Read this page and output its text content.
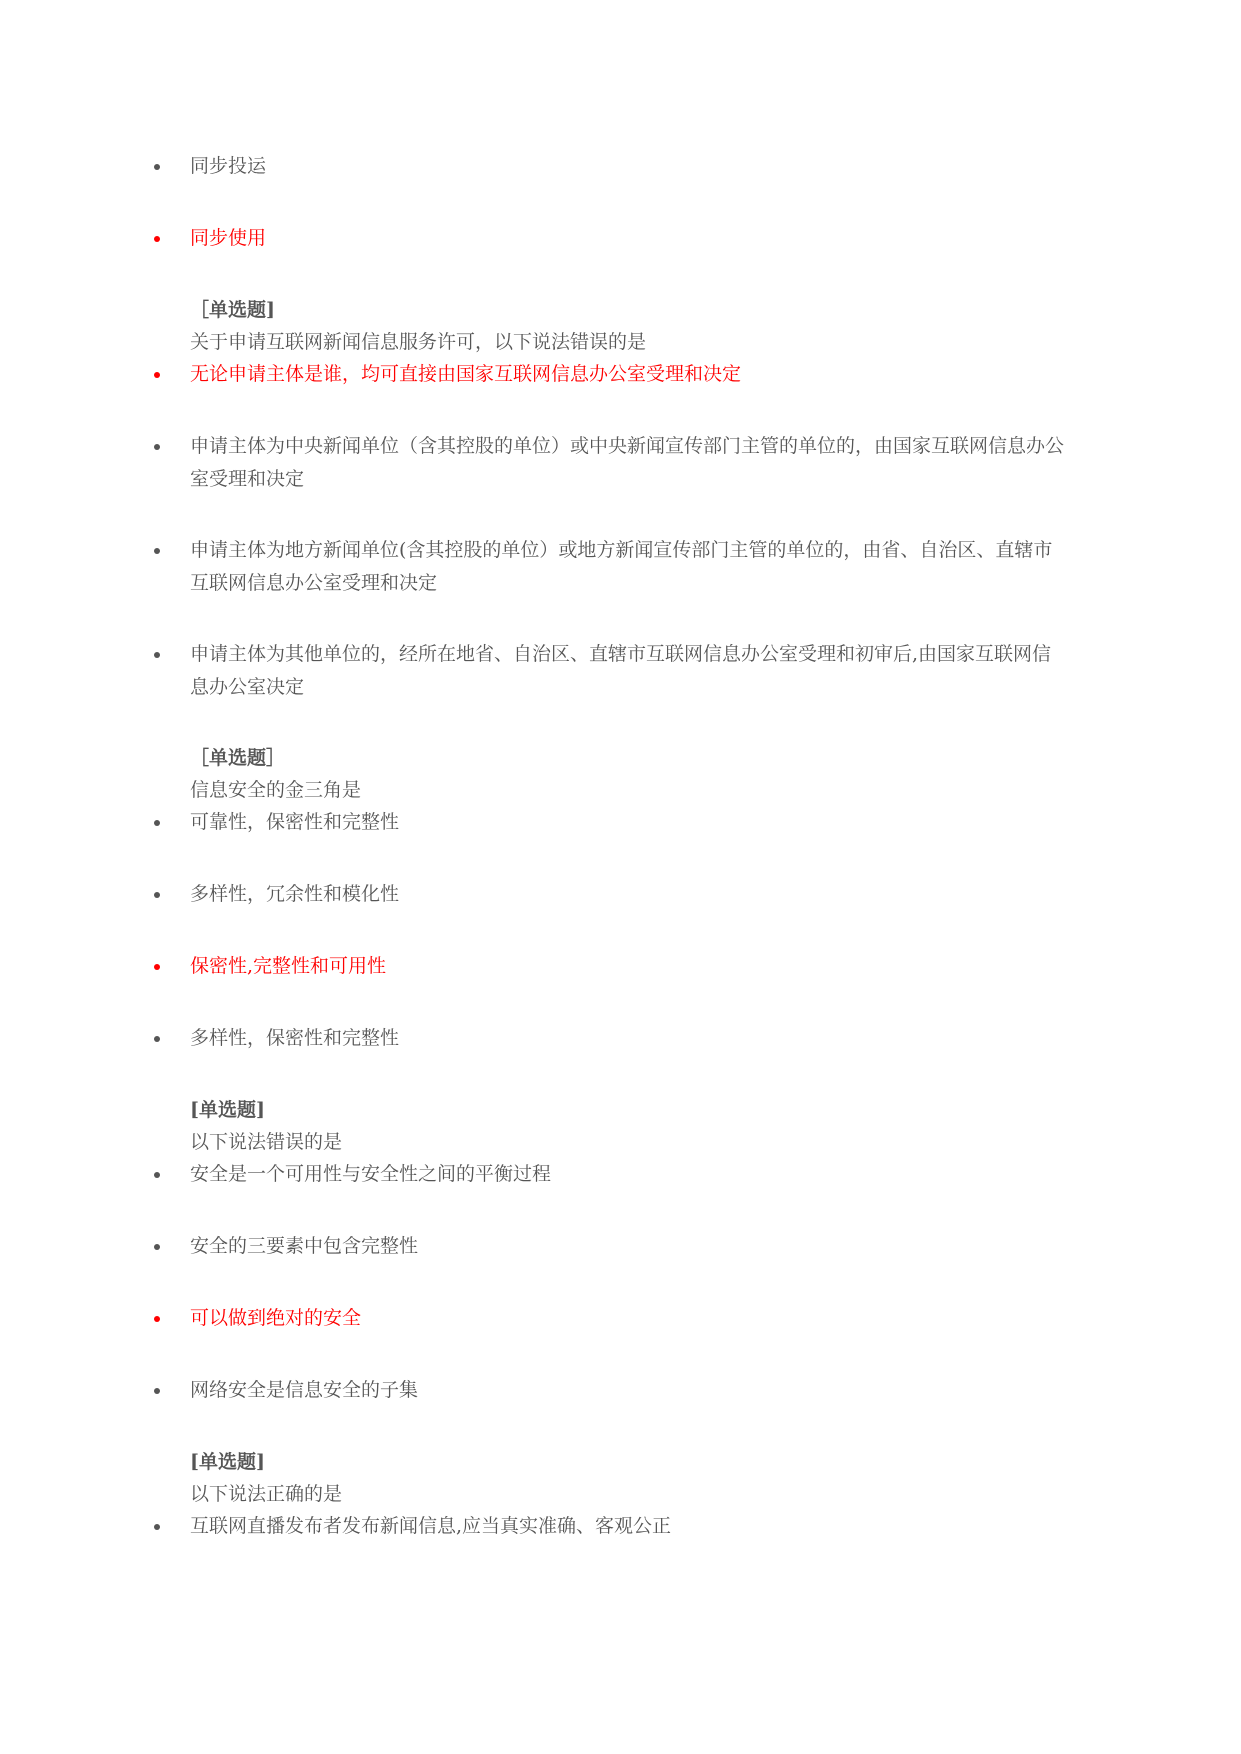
同步投运
同步使用
［单选题]
关于申请互联网新闻信息服务许可，以下说法错误的是
无论申请主体是谁，均可直接由国家互联网信息办公室受理和决定
申请主体为中央新闻单位（含其控股的单位）或中央新闻宣传部门主管的单位的，由国家互联网信息办公室受理和决定
申请主体为地方新闻单位(含其控股的单位）或地方新闻宣传部门主管的单位的，由省、自治区、直辖市互联网信息办公室受理和决定
申请主体为其他单位的，经所在地省、自治区、直辖市互联网信息办公室受理和初审后,由国家互联网信息办公室决定
［单选题］
信息安全的金三角是
可靠性，保密性和完整性
多样性，冗余性和模化性
保密性,完整性和可用性
多样性，保密性和完整性
[单选题]
以下说法错误的是
安全是一个可用性与安全性之间的平衡过程
安全的三要素中包含完整性
可以做到绝对的安全
网络安全是信息安全的子集
[单选题]
以下说法正确的是
互联网直播发布者发布新闻信息,应当真实准确、客观公正
